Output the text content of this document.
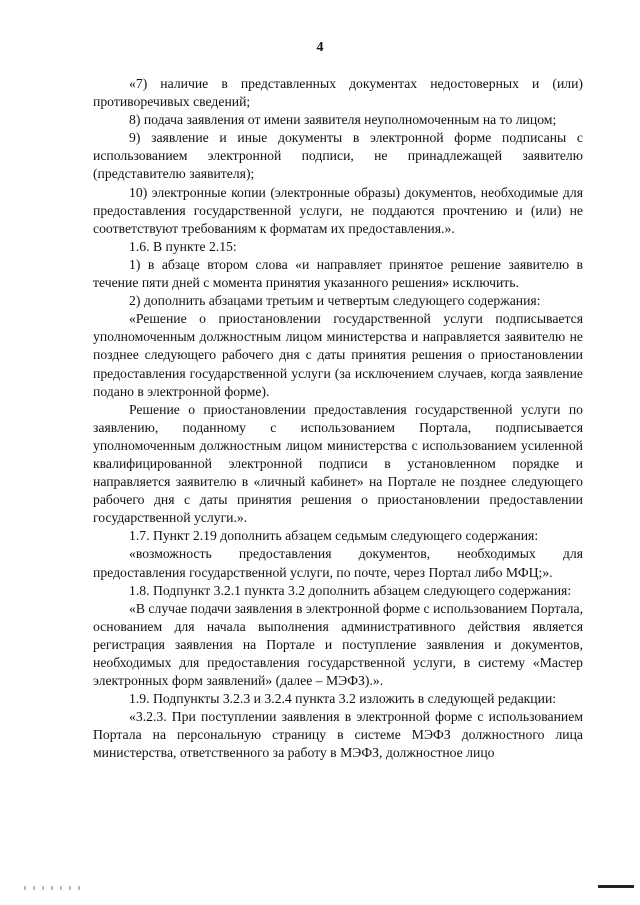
4

«7) наличие в представленных документах недостоверных и (или) противоречивых сведений;

8) подача заявления от имени заявителя неуполномоченным на то лицом;

9) заявление и иные документы в электронной форме подписаны с использованием электронной подписи, не принадлежащей заявителю (представителю заявителя);

10) электронные копии (электронные образы) документов, необходимые для предоставления государственной услуги, не поддаются прочтению и (или) не соответствуют требованиям к форматам их предоставления.».

1.6. В пункте 2.15:

1) в абзаце втором слова «и направляет принятое решение заявителю в течение пяти дней с момента принятия указанного решения» исключить.

2) дополнить абзацами третьим и четвертым следующего содержания:

«Решение о приостановлении государственной услуги подписывается уполномоченным должностным лицом министерства и направляется заявителю не позднее следующего рабочего дня с даты принятия решения о приостановлении предоставления государственной услуги (за исключением случаев, когда заявление подано в электронной форме).

Решение о приостановлении предоставления государственной услуги по заявлению, поданному с использованием Портала, подписывается уполномоченным должностным лицом министерства с использованием усиленной квалифицированной электронной подписи в установленном порядке и направляется заявителю в «личный кабинет» на Портале не позднее следующего рабочего дня с даты принятия решения о приостановлении предоставлении государственной услуги.».

1.7. Пункт 2.19 дополнить абзацем седьмым следующего содержания:

«возможность предоставления документов, необходимых для предоставления государственной услуги, по почте, через Портал либо МФЦ;».

1.8. Подпункт 3.2.1 пункта 3.2 дополнить абзацем следующего содержания:

«В случае подачи заявления в электронной форме с использованием Портала, основанием для начала выполнения административного действия является регистрация заявления на Портале и поступление заявления и документов, необходимых для предоставления государственной услуги, в систему «Мастер электронных форм заявлений» (далее – МЭФЗ).».

1.9. Подпункты 3.2.3 и 3.2.4 пункта 3.2 изложить в следующей редакции:

«3.2.3. При поступлении заявления в электронной форме с использованием Портала на персональную страницу в системе МЭФЗ должностного лица министерства, ответственного за работу в МЭФЗ, должностное лицо
